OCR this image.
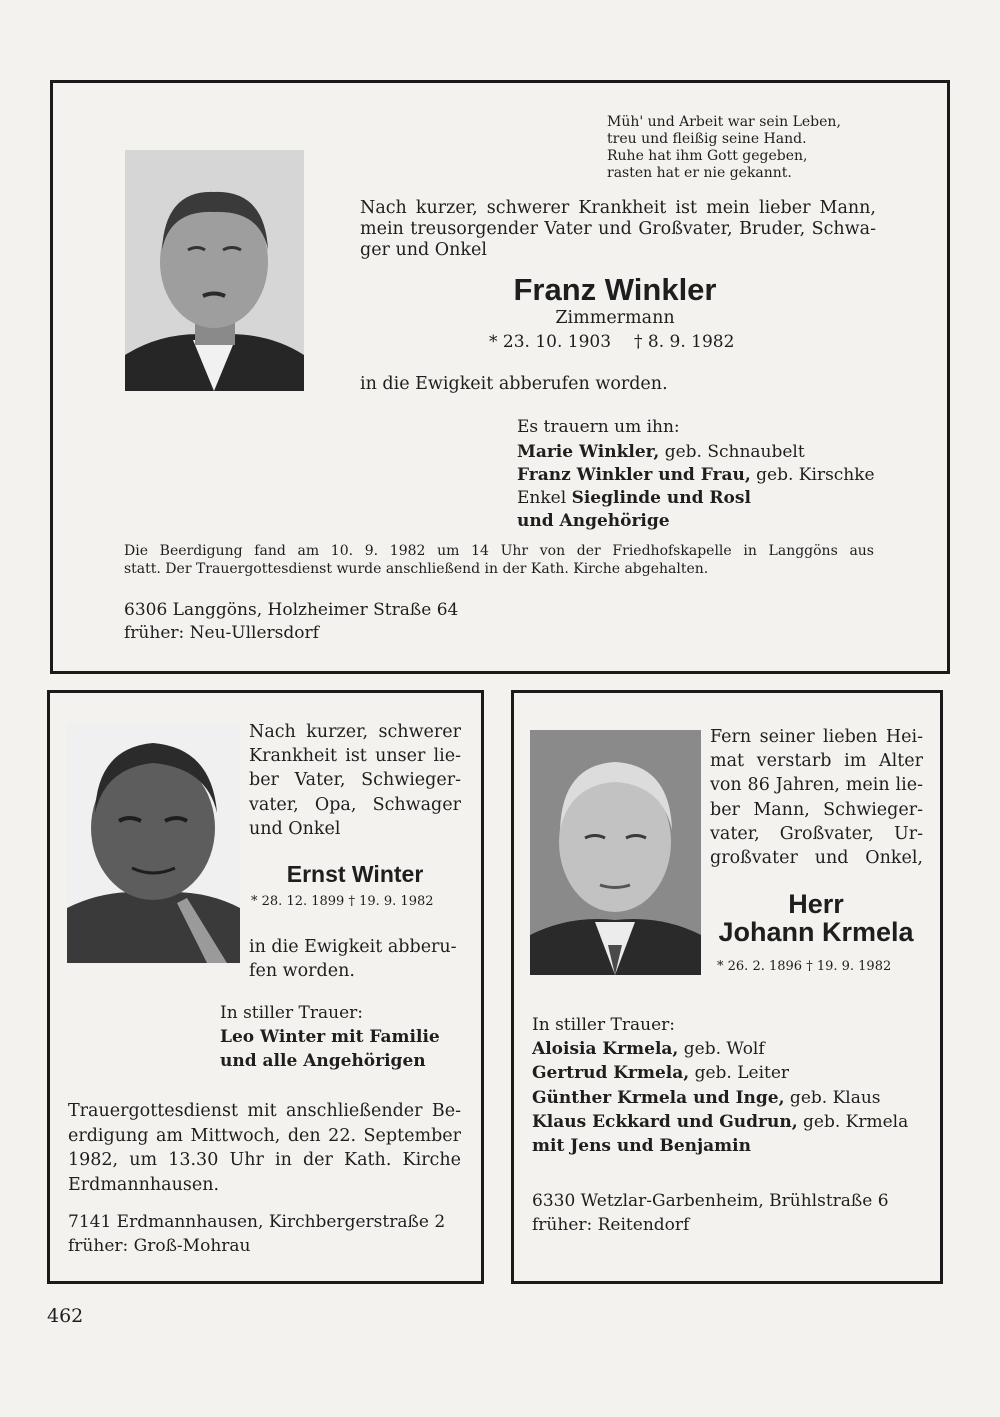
Müh' und Arbeit war sein Leben,
treu und fleißig seine Hand.
Ruhe hat ihm Gott gegeben,
rasten hat er nie gekannt.
Nach kurzer, schwerer Krankheit ist mein lieber Mann,
mein treusorgender Vater und Großvater, Bruder, Schwa-
ger und Onkel
Franz Winkler
Zimmermann
* 23. 10. 1903 † 8. 9. 1982
in die Ewigkeit abberufen worden.
Es trauern um ihn:
Marie Winkler, geb. Schnaubelt
Franz Winkler und Frau, geb. Kirschke
Enkel Sieglinde und Rosl
und Angehörige
Die Beerdigung fand am 10. 9. 1982 um 14 Uhr von der Friedhofskapelle in Langgöns aus
statt. Der Trauergottesdienst wurde anschließend in der Kath. Kirche abgehalten.
6306 Langgöns, Holzheimer Straße 64
früher: Neu-Ullersdorf
Nach kurzer, schwerer
Krankheit ist unser lie-
ber Vater, Schwieger-
vater, Opa, Schwager
und Onkel
Ernst Winter
* 28. 12. 1899 † 19. 9. 1982
in die Ewigkeit abberu-
fen worden.
In stiller Trauer:
Leo Winter mit Familie
und alle Angehörigen
Trauergottesdienst mit anschließender Be-
erdigung am Mittwoch, den 22. September
1982, um 13.30 Uhr in der Kath. Kirche
Erdmannhausen.
7141 Erdmannhausen, Kirchbergerstraße 2
früher: Groß-Mohrau
Fern seiner lieben Hei-
mat verstarb im Alter
von 86 Jahren, mein lie-
ber Mann, Schwieger-
vater, Großvater, Ur-
großvater und Onkel,
Herr
Johann Krmela
* 26. 2. 1896 † 19. 9. 1982
In stiller Trauer:
Aloisia Krmela, geb. Wolf
Gertrud Krmela, geb. Leiter
Günther Krmela und Inge, geb. Klaus
Klaus Eckkard und Gudrun, geb. Krmela
mit Jens und Benjamin
6330 Wetzlar-Garbenheim, Brühlstraße 6
früher: Reitendorf
462
